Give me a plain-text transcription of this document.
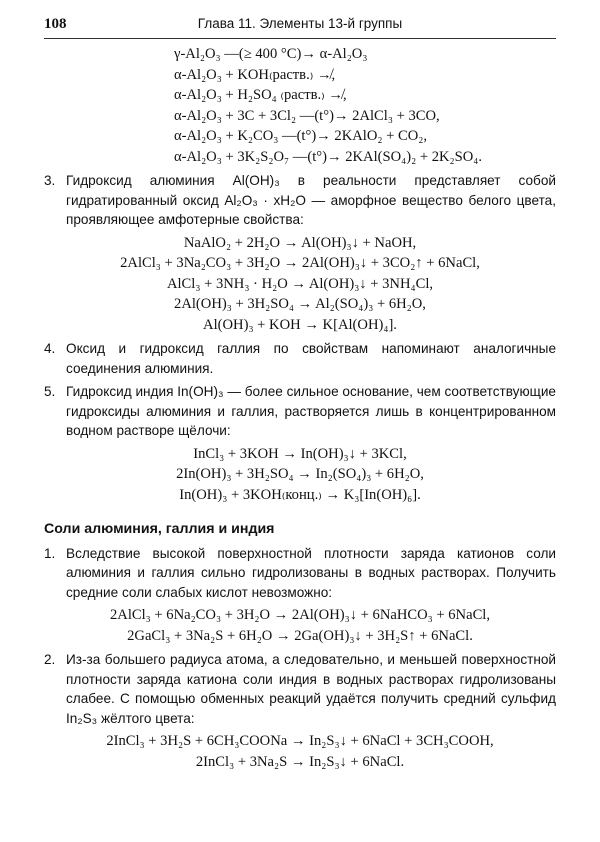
108	Глава 11. Элементы 13-й группы
γ-Al₂O₃ —(≥ 400 °C)→ α-Al₂O₃
α-Al₂O₃ + KOH₍раств.₎ ↛,
α-Al₂O₃ + H₂SO₄ ₍раств.₎ ↛,
α-Al₂O₃ + 3C + 3Cl₂ —(t°)→ 2AlCl₃ + 3CO,
α-Al₂O₃ + K₂CO₃ —(t°)→ 2KAlO₂ + CO₂,
α-Al₂O₃ + 3K₂S₂O₇ —(t°)→ 2KAl(SO₄)₂ + 2K₂SO₄.
3. Гидроксид алюминия Al(OH)₃ в реальности представляет собой гидратированный оксид Al₂O₃ · xH₂O — аморфное вещество белого цвета, проявляющее амфотерные свойства:
NaAlO₂ + 2H₂O → Al(OH)₃↓ + NaOH,
2AlCl₃ + 3Na₂CO₃ + 3H₂O → 2Al(OH)₃↓ + 3CO₂↑ + 6NaCl,
AlCl₃ + 3NH₃ · H₂O → Al(OH)₃↓ + 3NH₄Cl,
2Al(OH)₃ + 3H₂SO₄ → Al₂(SO₄)₃ + 6H₂O,
Al(OH)₃ + KOH → K[Al(OH)₄].
4. Оксид и гидроксид галлия по свойствам напоминают аналогичные соединения алюминия.
5. Гидроксид индия In(OH)₃ — более сильное основание, чем соответствующие гидроксиды алюминия и галлия, растворяется лишь в концентрированном водном растворе щёлочи:
InCl₃ + 3KOH → In(OH)₃↓ + 3KCl,
2In(OH)₃ + 3H₂SO₄ → In₂(SO₄)₃ + 6H₂O,
In(OH)₃ + 3KOH₍конц.₎ → K₃[In(OH)₆].
Соли алюминия, галлия и индия
1. Вследствие высокой поверхностной плотности заряда катионов соли алюминия и галлия сильно гидролизованы в водных растворах. Получить средние соли слабых кислот невозможно:
2AlCl₃ + 6Na₂CO₃ + 3H₂O → 2Al(OH)₃↓ + 6NaHCO₃ + 6NaCl,
2GaCl₃ + 3Na₂S + 6H₂O → 2Ga(OH)₃↓ + 3H₂S↑ + 6NaCl.
2. Из-за большего радиуса атома, а следовательно, и меньшей поверхностной плотности заряда катиона соли индия в водных растворах гидролизованы слабее. С помощью обменных реакций удаётся получить средний сульфид In₂S₃ жёлтого цвета:
2InCl₃ + 3H₂S + 6CH₃COONa → In₂S₃↓ + 6NaCl + 3CH₃COOH,
2InCl₃ + 3Na₂S → In₂S₃↓ + 6NaCl.
